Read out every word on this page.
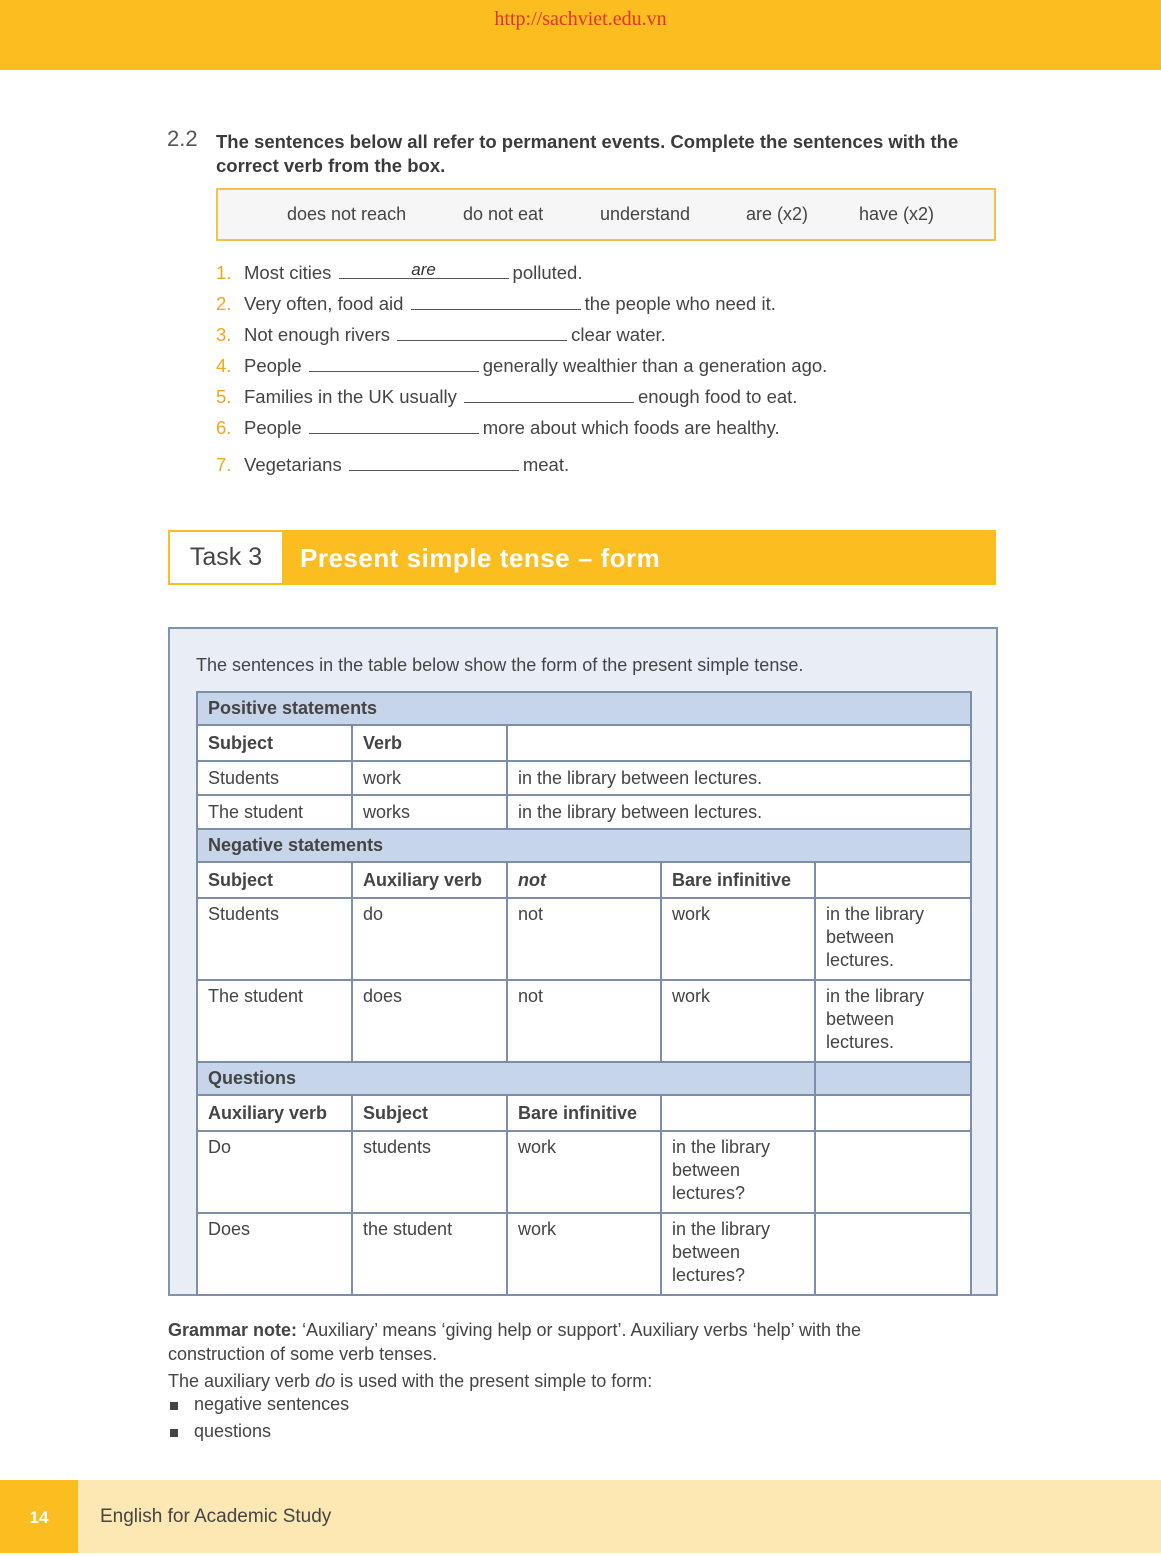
http://sachviet.edu.vn
2.2 The sentences below all refer to permanent events. Complete the sentences with the correct verb from the box.
does not reach	do not eat	understand	are (x2)	have (x2)
1. Most cities	are	polluted.
2. Very often, food aid	the people who need it.
3. Not enough rivers	clear water.
4. People	generally wealthier than a generation ago.
5. Families in the UK usually	enough food to eat.
6. People	more about which foods are healthy.
7. Vegetarians	meat.
Task 3	Present simple tense – form
The sentences in the table below show the form of the present simple tense.
Positive statements				
Subject	Verb			
Students	work	in the library between lectures.		
The student	works	in the library between lectures.		
Negative statements				
Subject	Auxiliary verb	not	Bare infinitive	
Students	do	not	work	in the library between lectures.
The student	does	not	work	in the library between lectures.
Questions				
Auxiliary verb	Subject	Bare infinitive		
Do	students	work	in the library between lectures?	
Does	the student	work	in the library between lectures?	
Grammar note: ‘Auxiliary’ means ‘giving help or support’. Auxiliary verbs ‘help’ with the construction of some verb tenses.
The auxiliary verb do is used with the present simple to form:
negative sentences
questions
14	English for Academic Study
